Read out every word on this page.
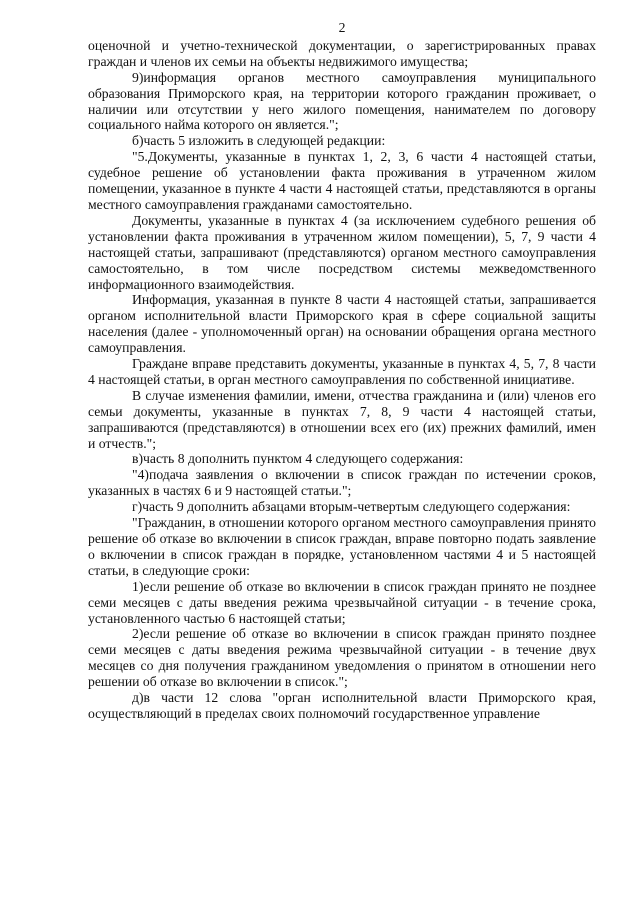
2

оценочной и учетно-технической документации, о зарегистрированных правах граждан и членов их семьи на объекты недвижимого имущества;

9)информация органов местного самоуправления муниципального образования Приморского края, на территории которого гражданин проживает, о наличии или отсутствии у него жилого помещения, нанимателем по договору социального найма которого он является.";

б)часть 5 изложить в следующей редакции:

"5.Документы, указанные в пунктах 1, 2, 3, 6 части 4 настоящей статьи, судебное решение об установлении факта проживания в утраченном жилом помещении, указанное в пункте 4 части 4 настоящей статьи, представляются в органы местного самоуправления гражданами самостоятельно.

Документы, указанные в пунктах 4 (за исключением судебного решения об установлении факта проживания в утраченном жилом помещении), 5, 7, 9 части 4 настоящей статьи, запрашивают (представляются) органом местного самоуправления самостоятельно, в том числе посредством системы межведомственного информационного взаимодействия.

Информация, указанная в пункте 8 части 4 настоящей статьи, запрашивается органом исполнительной власти Приморского края в сфере социальной защиты населения (далее - уполномоченный орган) на основании обращения органа местного самоуправления.

Граждане вправе представить документы, указанные в пунктах 4, 5, 7, 8 части 4 настоящей статьи, в орган местного самоуправления по собственной инициативе.

В случае изменения фамилии, имени, отчества гражданина и (или) членов его семьи документы, указанные в пунктах 7, 8, 9 части 4 настоящей статьи, запрашиваются (представляются) в отношении всех его (их) прежних фамилий, имен и отчеств.";

в)часть 8 дополнить пунктом 4 следующего содержания:

"4)подача заявления о включении в список граждан по истечении сроков, указанных в частях 6 и 9 настоящей статьи.";

г)часть 9 дополнить абзацами вторым-четвертым следующего содержания:

"Гражданин, в отношении которого органом местного самоуправления принято решение об отказе во включении в список граждан, вправе повторно подать заявление о включении в список граждан в порядке, установленном частями 4 и 5 настоящей статьи, в следующие сроки:

1)если решение об отказе во включении в список граждан принято не позднее семи месяцев с даты введения режима чрезвычайной ситуации - в течение срока, установленного частью 6 настоящей статьи;

2)если решение об отказе во включении в список граждан принято позднее семи месяцев с даты введения режима чрезвычайной ситуации - в течение двух месяцев со дня получения гражданином уведомления о принятом в отношении него решении об отказе во включении в список.";

д)в части 12 слова "орган исполнительной власти Приморского края, осуществляющий в пределах своих полномочий государственное управление
